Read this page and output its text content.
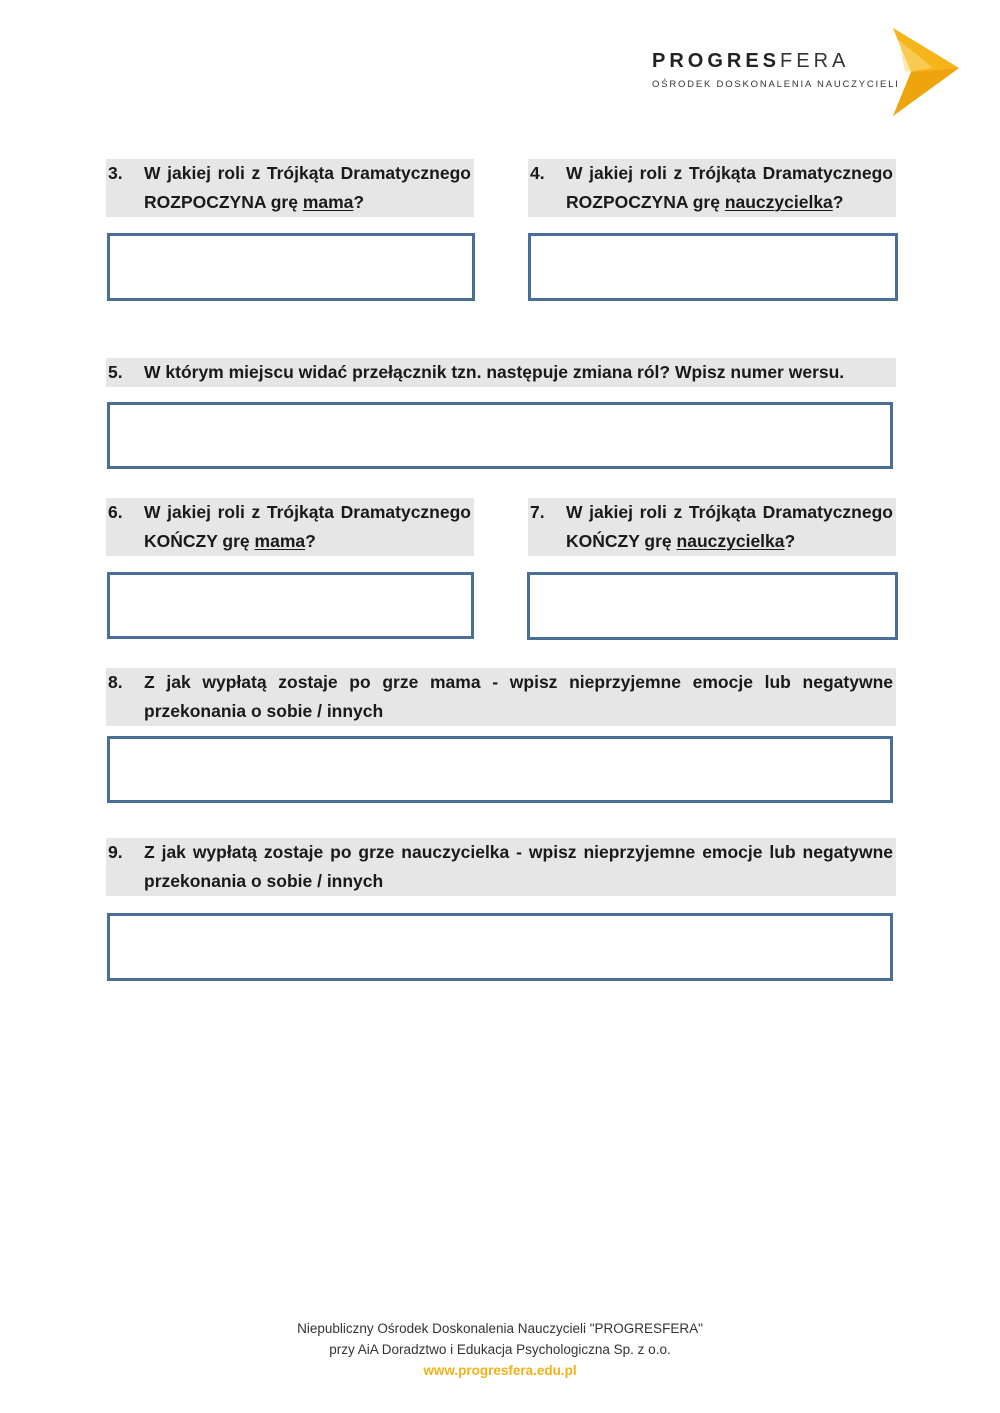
PROGRESFERA
OŚRODEK DOSKONALENIA NAUCZYCIELI
3. W jakiej roli z Trójkąta Dramatycznego ROZPOCZYNA grę mama?
4. W jakiej roli z Trójkąta Dramatycznego ROZPOCZYNA grę nauczycielka?
5. W którym miejscu widać przełącznik tzn. następuje zmiana ról? Wpisz numer wersu.
6. W jakiej roli z Trójkąta Dramatycznego KOŃCZY grę mama?
7. W jakiej roli z Trójkąta Dramatycznego KOŃCZY grę nauczycielka?
8. Z jak wypłatą zostaje po grze mama - wpisz nieprzyjemne emocje lub negatywne przekonania o sobie / innych
9. Z jak wypłatą zostaje po grze nauczycielka - wpisz nieprzyjemne emocje lub negatywne przekonania o sobie / innych
Niepubliczny Ośrodek Doskonalenia Nauczycieli "PROGRESFERA"
przy AiA Doradztwo i Edukacja Psychologiczna Sp. z o.o.
www.progresfera.edu.pl
